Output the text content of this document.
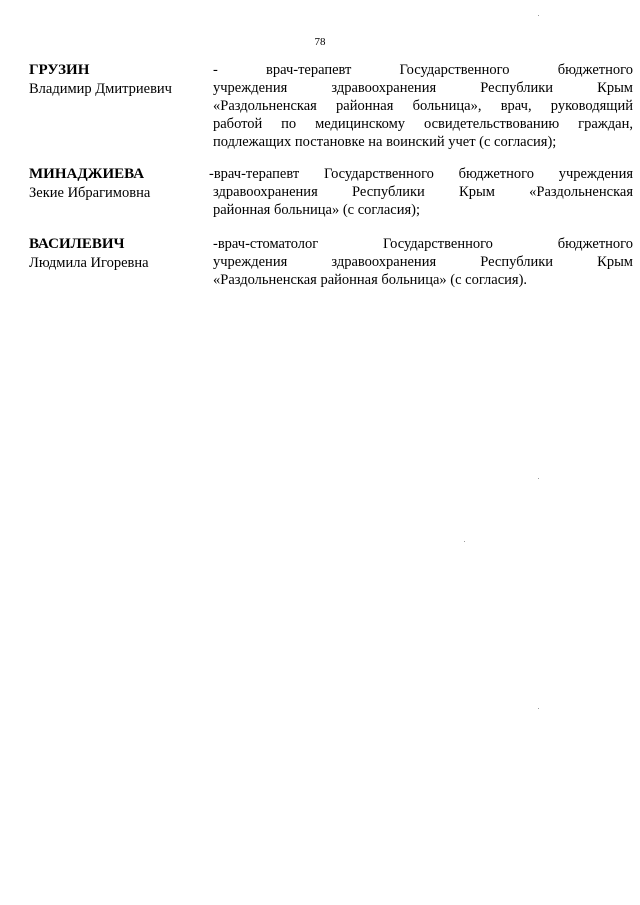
78
ГРУЗИН
Владимир Дмитриевич
- врач-терапевт Государственного бюджетного
учреждения здравоохранения Республики Крым
«Раздольненская районная больница», врач, руководящий
работой по медицинскому освидетельствованию граждан,
подлежащих постановке на воинский учет (с согласия);
МИНАДЖИЕВА
Зекие Ибрагимовна
-врач-терапевт Государственного бюджетного учреждения
здравоохранения Республики Крым «Раздольненская
районная больница» (с согласия);
ВАСИЛЕВИЧ
Людмила Игоревна
-врач-стоматолог Государственного бюджетного
учреждения здравоохранения Республики Крым
«Раздольненская районная больница» (с согласия).
